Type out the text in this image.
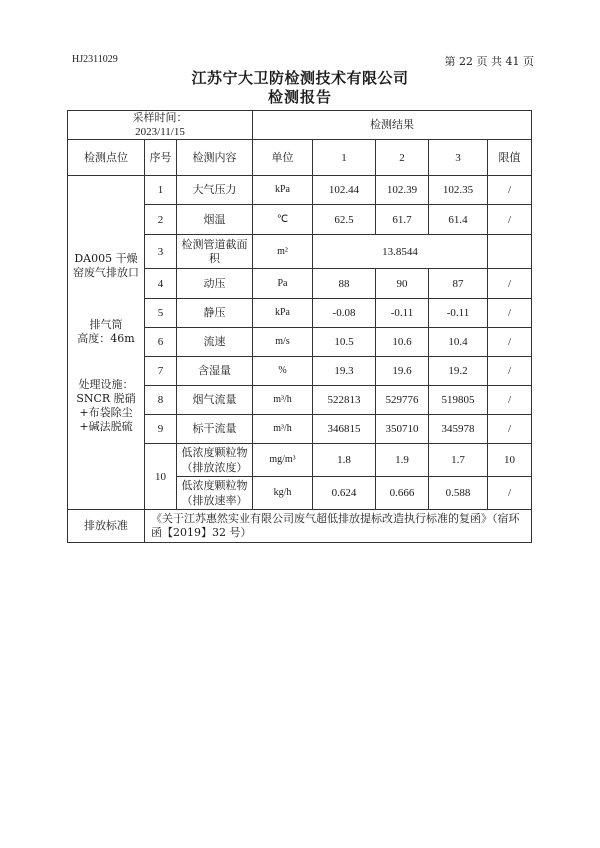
HJ2311029	第 22 页 共 41 页
江苏宁大卫防检测技术有限公司
检测报告
采样时间：
2023/11/15			检测结果				
检测点位	序号	检测内容	单位	1	2	3	限值

DA005 干燥窑废气排放口
排气筒
高度：46m
处理设施：SNCR 脱硝+布袋除尘+碱法脱硫	1	大气压力	kPa	102.44	102.39	102.35	/
	2	烟温	℃	62.5	61.7	61.4	/
	3	检测管道截面积	m²	13.8544			
	4	动压	Pa	88	90	87	/
	5	静压	kPa	-0.08	-0.11	-0.11	/
	6	流速	m/s	10.5	10.6	10.4	/
	7	含湿量	%	19.3	19.6	19.2	/
	8	烟气流量	m³/h	522813	529776	519805	/
	9	标干流量	m³/h	346815	350710	345978	/
	10	低浓度颗粒物（排放浓度）	mg/m³	1.8	1.9	1.7	10
		低浓度颗粒物（排放速率）	kg/h	0.624	0.666	0.588	/
排放标准	《关于江苏惠然实业有限公司废气超低排放提标改造执行标准的复函》（宿环函【2019】32 号）						
